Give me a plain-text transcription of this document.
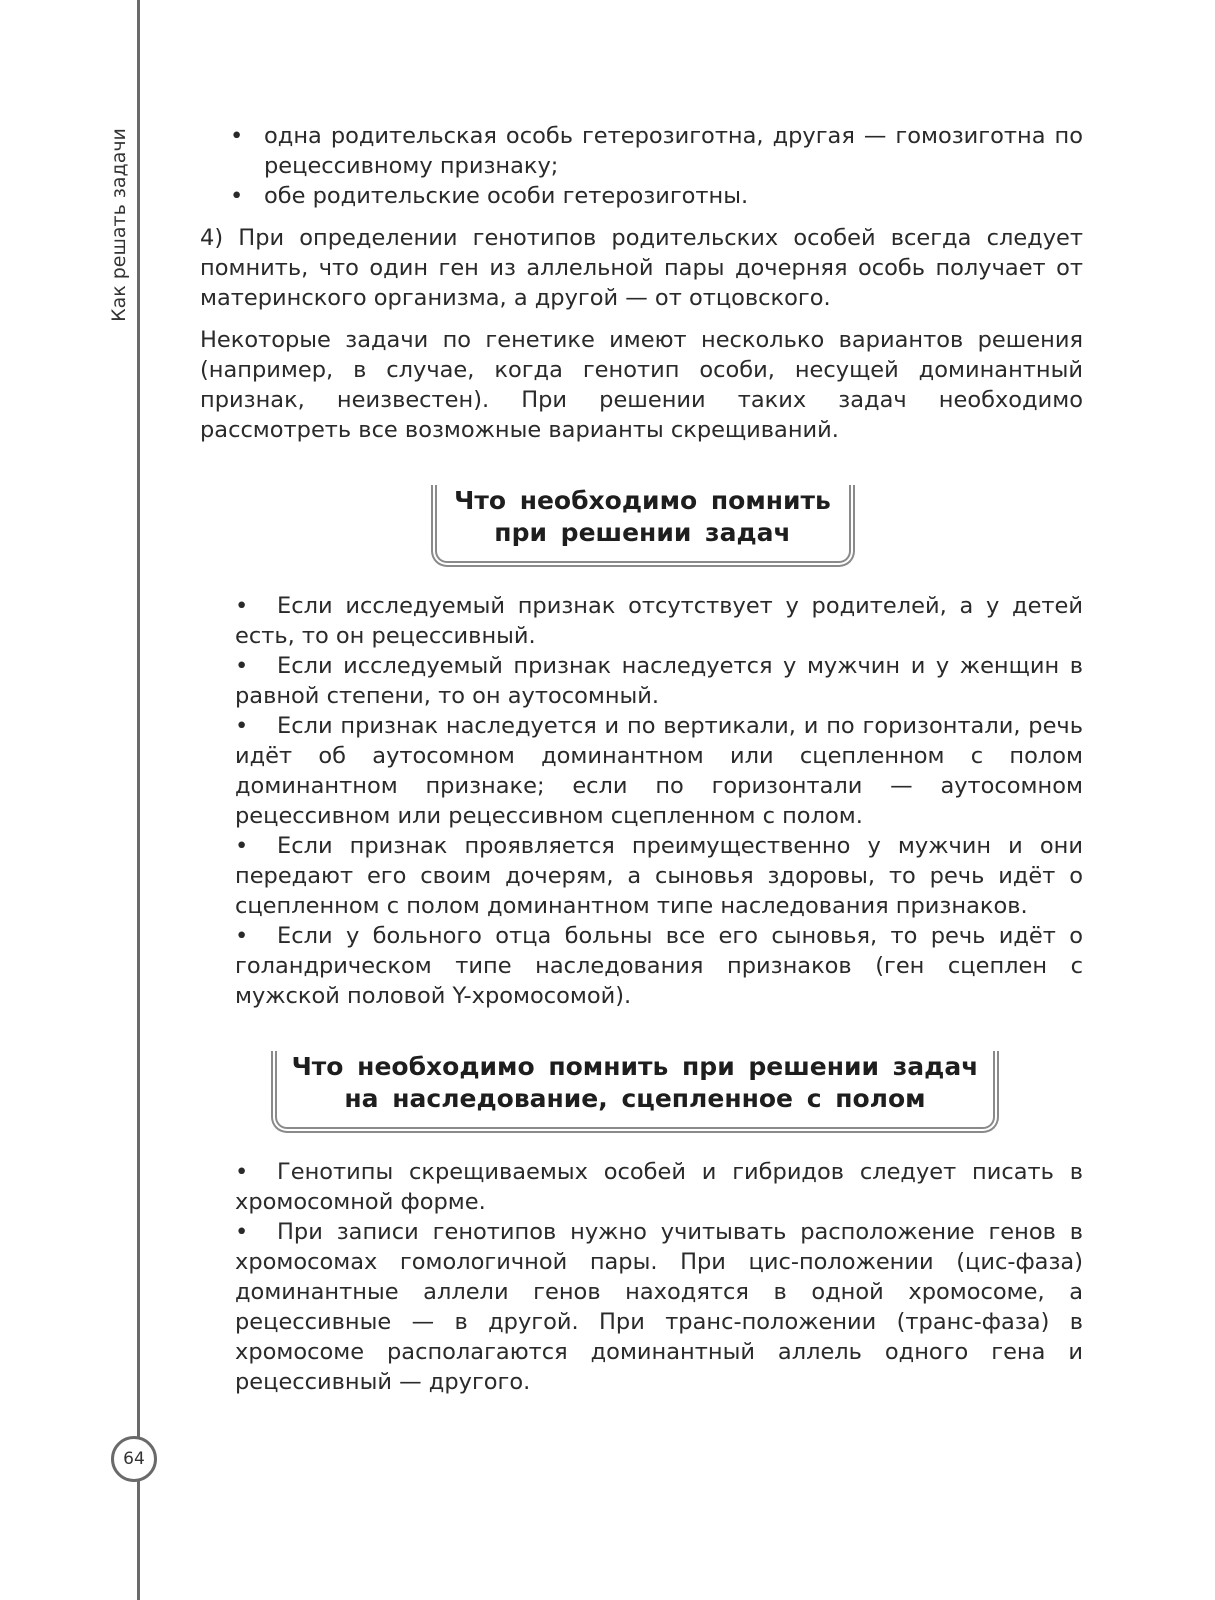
Как решать задачи
64

• одна родительская особь гетерозиготна, другая — гомозиготна по рецессивному признаку;

• обе родительские особи гетерозиготны.

4) При определении генотипов родительских особей всегда следует помнить, что один ген из аллельной пары дочерняя особь получает от материнского организма, а другой — от отцовского.

Некоторые задачи по генетике имеют несколько вариантов решения (например, в случае, когда генотип особи, несущей доминантный признак, неизвестен). При решении таких задач необходимо рассмотреть все возможные варианты скрещиваний.

Что необходимо помнить
при решении задач

• Если исследуемый признак отсутствует у родителей, а у детей есть, то он рецессивный.

• Если исследуемый признак наследуется у мужчин и у женщин в равной степени, то он аутосомный.

• Если признак наследуется и по вертикали, и по горизонтали, речь идёт об аутосомном доминантном или сцепленном с полом доминантном признаке; если по горизонтали — аутосомном рецессивном или рецессивном сцепленном с полом.

• Если признак проявляется преимущественно у мужчин и они передают его своим дочерям, а сыновья здоровы, то речь идёт о сцепленном с полом доминантном типе наследования признаков.

• Если у больного отца больны все его сыновья, то речь идёт о голандрическом типе наследования признаков (ген сцеплен с мужской половой Y-хромосомой).

Что необходимо помнить при решении задач
на наследование, сцепленное с полом

• Генотипы скрещиваемых особей и гибридов следует писать в хромосомной форме.

• При записи генотипов нужно учитывать расположение генов в хромосомах гомологичной пары. При цис-положении (цис-фаза) доминантные аллели генов находятся в одной хромосоме, а рецессивные — в другой. При транс-положении (транс-фаза) в хромосоме располагаются доминантный аллель одного гена и рецессивный — другого.
